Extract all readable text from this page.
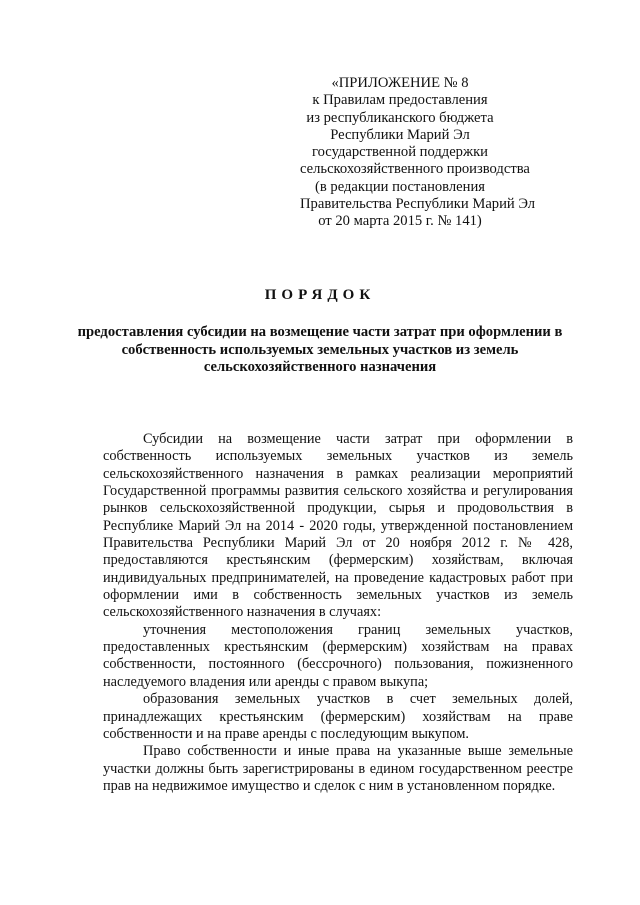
«ПРИЛОЖЕНИЕ № 8
к Правилам предоставления
из республиканского бюджета
Республики Марий Эл
государственной поддержки
сельскохозяйственного производства
(в редакции постановления
Правительства Республики Марий Эл
от 20 марта 2015 г. № 141)
ПОРЯДОК
предоставления субсидии на возмещение части затрат при оформлении в собственность используемых земельных участков из земель сельскохозяйственного назначения

Субсидии на возмещение части затрат при оформлении в собственность используемых земельных участков из земель сельскохозяйственного назначения в рамках реализации мероприятий Государственной программы развития сельского хозяйства и регулирования рынков сельскохозяйственной продукции, сырья и продовольствия в Республике Марий Эл на 2014 - 2020 годы, утвержденной постановлением Правительства Республики Марий Эл от 20 ноября 2012 г. № 428, предоставляются крестьянским (фермерским) хозяйствам, включая индивидуальных предпринимателей, на проведение кадастровых работ при оформлении ими в собственность земельных участков из земель сельскохозяйственного назначения в случаях:

уточнения местоположения границ земельных участков, предоставленных крестьянским (фермерским) хозяйствам на правах собственности, постоянного (бессрочного) пользования, пожизненного наследуемого владения или аренды с правом выкупа;

образования земельных участков в счет земельных долей, принадлежащих крестьянским (фермерским) хозяйствам на праве собственности и на праве аренды с последующим выкупом.

Право собственности и иные права на указанные выше земельные участки должны быть зарегистрированы в едином государственном реестре прав на недвижимое имущество и сделок с ним в установленном порядке.
